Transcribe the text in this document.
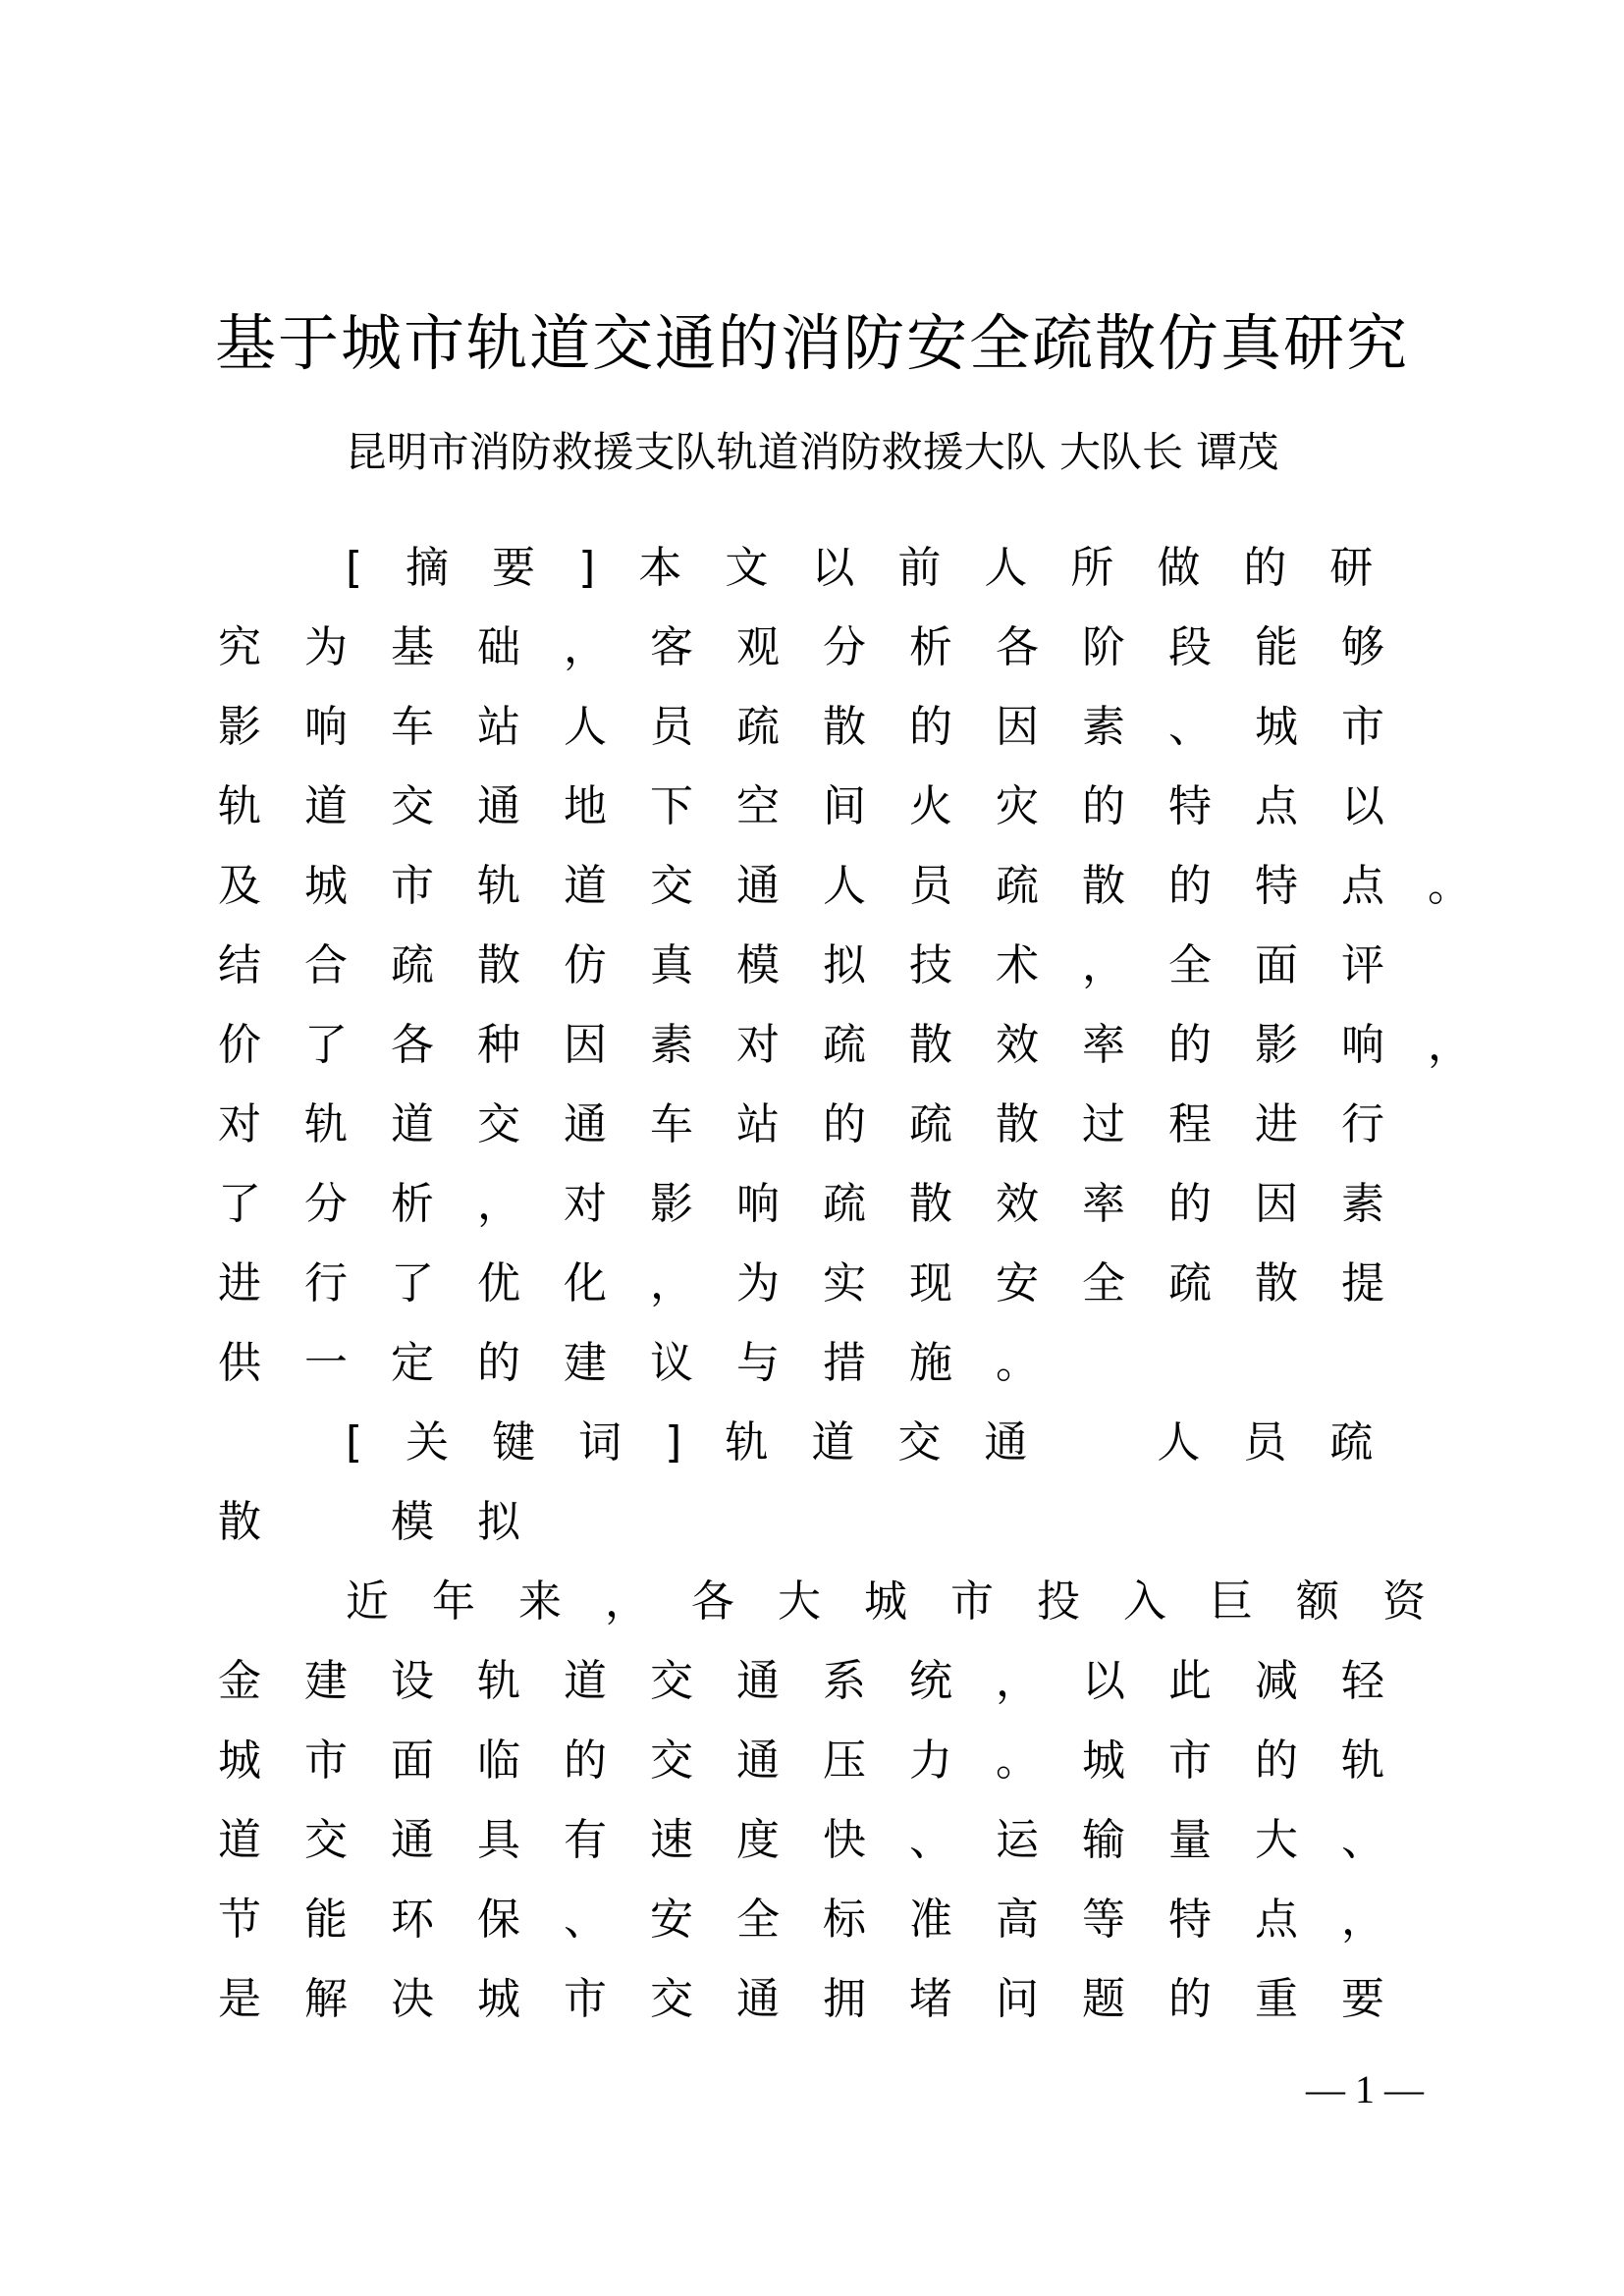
基于城市轨道交通的消防安全疏散仿真研究
昆明市消防救援支队轨道消防救援大队 大队长 谭茂
[摘要]本文以前人所做的研
究为基础，客观分析各阶段能够
影响车站人员疏散的因素、城市
轨道交通地下空间火灾的特点以
及城市轨道交通人员疏散的特点。
结合疏散仿真模拟技术，全面评
价了各种因素对疏散效率的影响，
对轨道交通车站的疏散过程进行
了分析，对影响疏散效率的因素
进行了优化，为实现安全疏散提
供一定的建议与措施。
[关键词]轨道交通　人员疏
散　模拟
近年来，各大城市投入巨额资
金建设轨道交通系统，以此减轻
城市面临的交通压力。城市的轨
道交通具有速度快、运输量大、
节能环保、安全标准高等特点，
是解决城市交通拥堵问题的重要
— 1 —
